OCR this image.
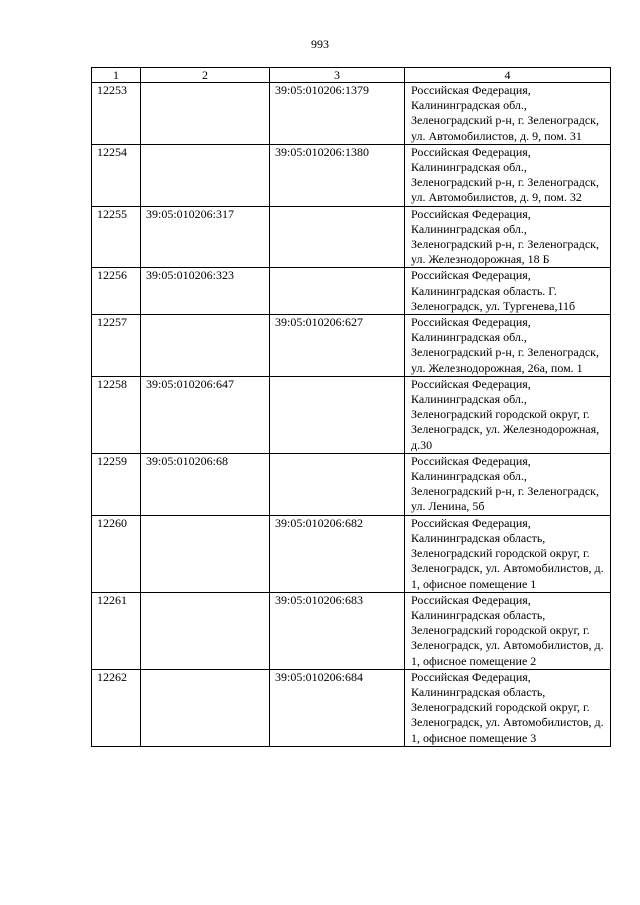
993
1	2	3	4
12253		39:05:010206:1379	Российская Федерация, Калининградская обл., Зеленоградский р-н, г. Зеленоградск, ул. Автомобилистов, д. 9, пом. 31
12254		39:05:010206:1380	Российская Федерация, Калининградская обл., Зеленоградский р-н, г. Зеленоградск, ул. Автомобилистов, д. 9, пом. 32
12255	39:05:010206:317		Российская Федерация, Калининградская обл., Зеленоградский р-н, г. Зеленоградск, ул. Железнодорожная, 18 Б
12256	39:05:010206:323		Российская Федерация, Калининградская область. Г. Зеленоградск, ул. Тургенева,11б
12257		39:05:010206:627	Российская Федерация, Калининградская обл., Зеленоградский р-н, г. Зеленоградск, ул. Железнодорожная, 26а, пом. 1
12258	39:05:010206:647		Российская Федерация, Калининградская обл., Зеленоградский городской округ, г. Зеленоградск, ул. Железнодорожная, д.30
12259	39:05:010206:68		Российская Федерация, Калининградская обл., Зеленоградский р-н, г. Зеленоградск, ул. Ленина, 5б
12260		39:05:010206:682	Российская Федерация, Калининградская область, Зеленоградский городской округ, г. Зеленоградск, ул. Автомобилистов, д. 1, офисное помещение 1
12261		39:05:010206:683	Российская Федерация, Калининградская область, Зеленоградский городской округ, г. Зеленоградск, ул. Автомобилистов, д. 1, офисное помещение 2
12262		39:05:010206:684	Российская Федерация, Калининградская область, Зеленоградский городской округ, г. Зеленоградск, ул. Автомобилистов, д. 1, офисное помещение 3
